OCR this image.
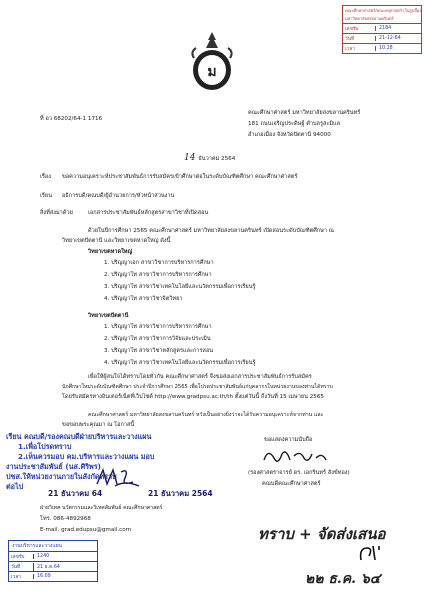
คณะศึกษาศาสตร์/คณะครุศาสตร์ (ในรูปปั๊ม)
มหาวิทยาลัยสงขลานครินทร์
เลขรับ	2184
วันที่	21-12-64
เวลา	10.28
ม
ที่ อว 68202/64-1 1716
คณะศึกษาศาสตร์ มหาวิทยาลัยสงขลานครินทร์
181 ถนนเจริญประดิษฐ์ ตำบลรูสะมิแล
อำเภอเมือง จังหวัดปัตตานี 94000
14 ธันวาคม 2564
เรื่อง ขอความอนุเคราะห์ประชาสัมพันธ์การรับสมัครเข้าศึกษาต่อในระดับบัณฑิตศึกษา คณะศึกษาศาสตร์
เรียน อธิการบดี/คณบดี/ผู้อำนวยการ/หัวหน้าส่วนงาน
สิ่งที่ส่งมาด้วย	เอกสารประชาสัมพันธ์หลักสูตรสาขาวิชาที่เปิดสอน
ด้วยในปีการศึกษา 2565 คณะศึกษาศาสตร์ มหาวิทยาลัยสงขลานครินทร์ เปิดสอนระดับบัณฑิตศึกษา ณ
วิทยาเขตปัตตานี และวิทยาเขตหาดใหญ่ ดังนี้
วิทยาเขตหาดใหญ่
1. ปริญญาเอก สาขาวิชาการบริหารการศึกษา
2. ปริญญาโท สาขาวิชาการบริหารการศึกษา
3. ปริญญาโท สาขาวิชาเทคโนโลยีและนวัตกรรมเพื่อการเรียนรู้
4. ปริญญาโท สาขาวิชาจิตวิทยา
วิทยาเขตปัตตานี
1. ปริญญาโท สาขาวิชาการบริหารการศึกษา
2. ปริญญาโท สาขาวิชาการวิจัยและประเมิน
3. ปริญญาโท สาขาวิชาหลักสูตรและการสอน
4. ปริญญาโท สาขาวิชาเทคโนโลยีและนวัตกรรมเพื่อการเรียนรู้
เพื่อให้ผู้สนใจได้ทราบโดยทั่วกัน คณะศึกษาศาสตร์ จึงขอส่งเอกสารประชาสัมพันธ์การรับสมัคร
นักศึกษาใหม่ระดับบัณฑิตศึกษา ประจำปีการศึกษา 2565 เพื่อโปรดประชาสัมพันธ์แก่บุคลากรในหน่วยงานของท่านได้ทราบ
โดยรับสมัครทางอินเตอร์เน็ตที่เว็บไซต์ http://www.gradpsu.ac.th/th ตั้งแต่วันนี้ ถึงวันที่ 15 เมษายน 2565
คณะศึกษาศาสตร์ มหาวิทยาลัยสงขลานครินทร์ หวังเป็นอย่างยิ่งว่าจะได้รับความอนุเคราะห์จากท่าน และ
ขอขอบพระคุณมา ณ โอกาสนี้
ขอแสดงความนับถือ
(รองศาสตราจารย์ ดร. เอกรินทร์ สังข์ทอง)
คณบดีคณะศึกษาศาสตร์
เรียน คณบดี/รองคณบดีฝ่ายบริหารและวางแผน
1.เพื่อโปรดทราบ
2.เห็นควรมอบ คม.บริหารและวางแผน มอบ
งานประชาสัมพันธ์ (นส.ศิริพร) ปชส.ให้หน่วยงานภายในสังกัดทราบต่อไป
21 ธันวาคม 64	21 ธันวาคม 2564
ฝ่ายวิเทศ นวัตกรรมและวิเทศสัมพันธ์ คณะศึกษาศาสตร์
โทร. 086-4892968
E-mail. grad.edupsu@gmail.com	ทราบ + จัดส่งเสนอ
๒๒ ธ.ค. ๖๔
งานบริหารและวางแผน
เลขรับ	1240
วันที่	21 ธ.ค.64
เวลา	16.09
